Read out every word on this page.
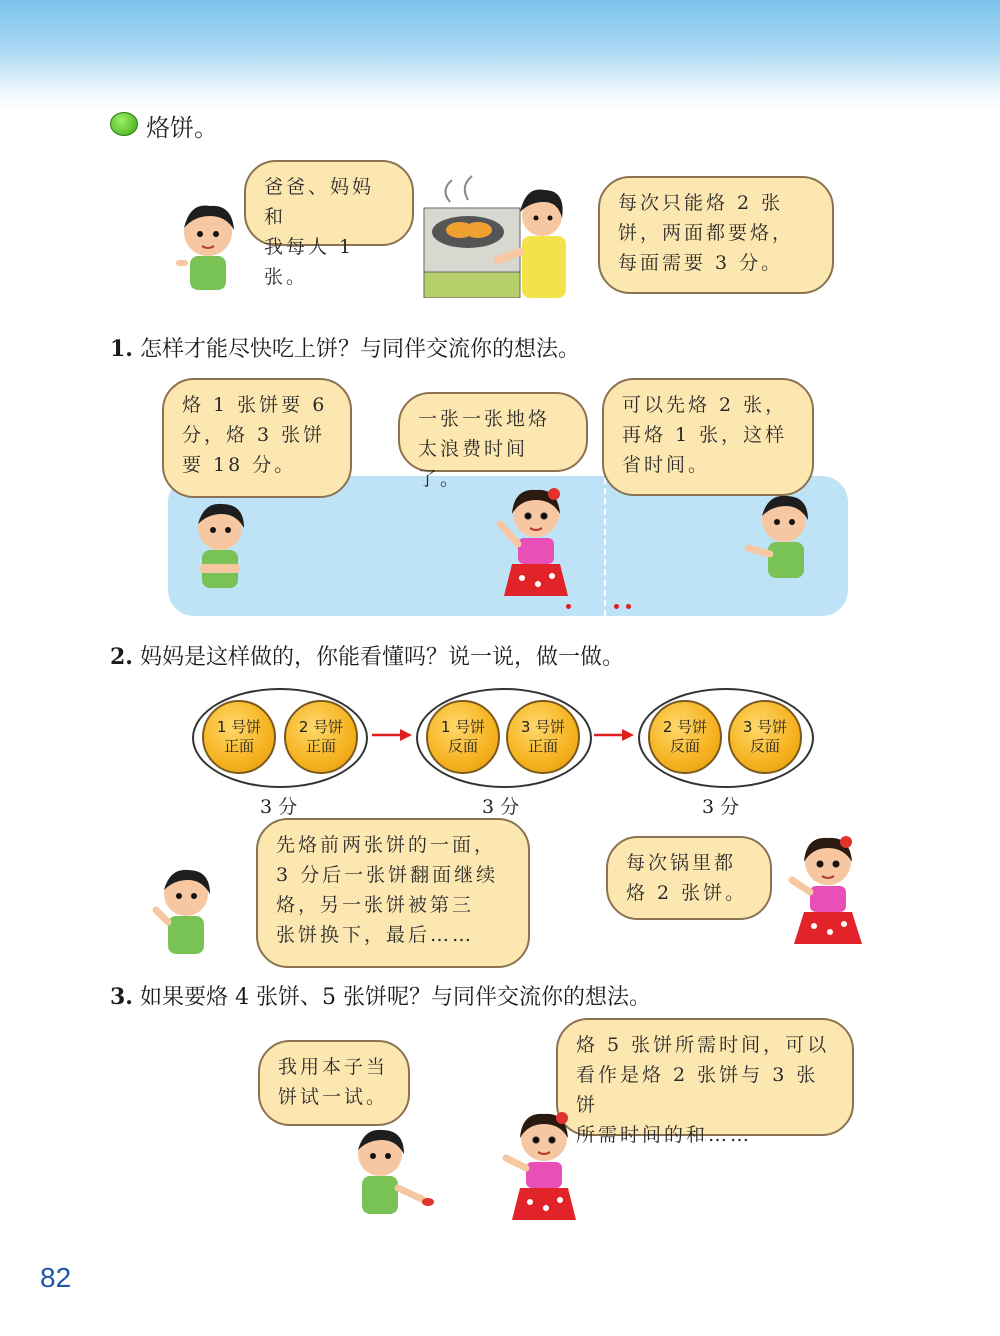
烙饼。
爸爸、妈妈和
我每人 1 张。
每次只能烙 2 张
饼，两面都要烙，
每面需要 3 分。
1. 怎样才能尽快吃上饼？与同伴交流你的想法。
烙 1 张饼要 6
分，烙 3 张饼
要 18 分。
一张一张地烙
太浪费时间了。
可以先烙 2 张，
再烙 1 张，这样
省时间。
2. 妈妈是这样做的，你能看懂吗？说一说，做一做。
1 号饼
正面
2 号饼
正面
3 分
1 号饼
反面
3 号饼
正面
3 分
2 号饼
反面
3 号饼
反面
3 分
先烙前两张饼的一面，
3 分后一张饼翻面继续
烙，另一张饼被第三
张饼换下，最后……
每次锅里都
烙 2 张饼。
3. 如果要烙 4 张饼、5 张饼呢？与同伴交流你的想法。
我用本子当
饼试一试。
烙 5 张饼所需时间，可以
看作是烙 2 张饼与 3 张饼
所需时间的和……
82
